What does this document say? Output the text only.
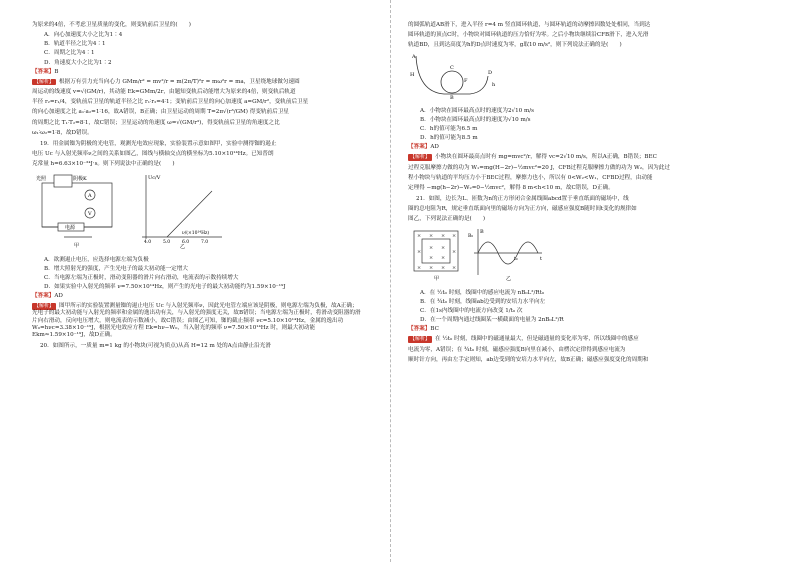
为原来的4倍，不考虑卫星质量的变化，则变轨前后卫星的(　　)

A．向心加速度大小之比为1∶4

B．轨道半径之比为4∶1

C．周期之比为4∶1

D．角速度大小之比为1∶2

【答案】B

【解析】 根据万有引力充当向心力 GMm/r² = mv²/r = m(2π/T)²r = mω²r = ma，卫星绕地球做匀速圆

周运动的线速度 v=√(GM/r)，其动能 Ek=GMm/2r，由题知变轨后动能增大为原来的4倍，则变轨后轨道

半径 r₂=r₁/4，变轨前后卫星的轨道半径之比 r₁∶r₂=4∶1；变轨前后卫星的向心加速度 a=GM/r²，变轨前后卫星

的向心加速度之比 a₁∶a₂=1∶16，故A错误，B正确；由卫星运动的周期 T=2π√(r³/GM) 得变轨前后卫星

的周期之比 T₁∶T₂=8∶1，故C错误；卫星运动的角速度 ω=√(GM/r³)，得变轨前后卫星的角速度之比

ω₁∶ω₂=1∶8，故D错误。

19．用金属铷为阴极的光电管，观测光电效应现象，实验装置示意如图甲，实验中测得铷的遏止

电压 Uc 与入射光频率ν之间的关系如图乙，图线与横轴交点的横坐标为5.10×10¹⁴Hz。已知普朗

克常量 h=6.63×10⁻³⁴J·s。则下列说法中正确的是(　　)

光照	阴极K
A
V
电源
甲
Uc/V
ν/(×10¹⁴Hz)
4.0	5.0	6.0	7.0
乙

A．欲测遏止电压，应选择电源左端为负极

B．增大照射光的强度，产生光电子的最大初动能一定增大

C．当电源左端为正极时，滑动变阻器的滑片向右滑动，电流表的示数持续增大

D．如果实验中入射光的频率 ν=7.50×10¹⁴Hz，则产生的光电子的最大初动能约为1.59×10⁻¹⁹J

【答案】AD

【解析】 图甲所示的实验装置测量铷的遏止电压 Uc 与入射光频率ν，因此光电管左端应该是阴极，则电源左端为负极，故A正确；光电子的最大初动能与入射光的频率和金属的逸出功有关，与入射光的强度无关，故B错误；当电源左端为正极时，将滑动变阻器的滑片向右滑动，反向电压增大，则电流表的示数减小，故C错误；由图乙可知，铷的截止频率 νc=5.10×10¹⁴Hz，金属的逸出功 W₀=hνc=3.38×10⁻¹⁹J，根据光电效应方程 Ek=hν−W₀，当入射光的频率 ν=7.50×10¹⁴Hz 时，则最大初动能 Ekm≈1.59×10⁻¹⁹J，故D正确。

20．如图所示，一质量 m=1 kg 的小物块(可视为质点)从高 H=12 m 处的A点由静止沿光滑

的圆弧轨道AB滑下，进入半径 r=4 m 竖直圆环轨道，与圆环轨道的动摩擦因数处处相同，当到达

圆环轨道的顶点C时，小物块对圆环轨道的压力恰好为零。之后小物块继续沿CFB滑下，进入光滑

轨道BD，且到达高度为h的D点时速度为零，g取10 m/s²，则下列说法正确的是(　　)

A
H
C
F
B
D
h

A．小物块在圆环最高点时的速度为2√10 m/s

B．小物块在圆环最高点时的速度为√10 m/s

C．h的值可能为6.5 m

D．h的值可能为8.5 m

【答案】AD

【解析】 小物块在圆环最高点时有 mg=mvc²/r，解得 vc=2√10 m/s，所以A正确，B错误；BEC

过程克服摩擦力做的功为 W₁=mg(H−2r)−½mvc²=20 J，CFB过程克服摩擦力做的功为 W₂，因为此过

程小物块与轨道的平均压力小于BEC过程，摩擦力也小，所以有 0<W₂<W₁，CFBD过程，由动能

定理得 −mg(h−2r)−W₂=0−½mvc²，解得 8 m<h<10 m，故C错误，D正确。

21．如图，边长为L、匝数为n的正方形闭合金属线圈abcd置于垂直纸面的磁场中，线

圈的总电阻为R，规定垂直纸面向里的磁场方向为正方向，磁感应强度B随时间t变化的规律如

图乙，下列说法正确的是(　　)

× × × ×
×
× ×
×
× ×
× × × ×
甲
B
B₀
t₀	t
乙

A．在 ½t₀ 时刻，线圈中的感应电流为 nB₀L²/Rt₀

B．在 ¾t₀ 时刻，线圈ab边受到的安培力水平向左

C．在1s内线圈中的电流方向改变 1/t₀ 次

D．在一个周期内通过线圈某一横截面的电量为 2nB₀L²/R

【答案】BC

【解析】 在 ½t₀ 时刻，线圈中的磁通量最大，但是磁通量的变化率为零，所以线圈中的感应

电流为零，A错误；在 ¾t₀ 时刻，磁感应强度B向里在减小，由楞次定律得到感应电流为

顺时针方向，再由左手定则知，ab边受到的安培力水平向左，故B正确；磁感应强度变化的周期和
